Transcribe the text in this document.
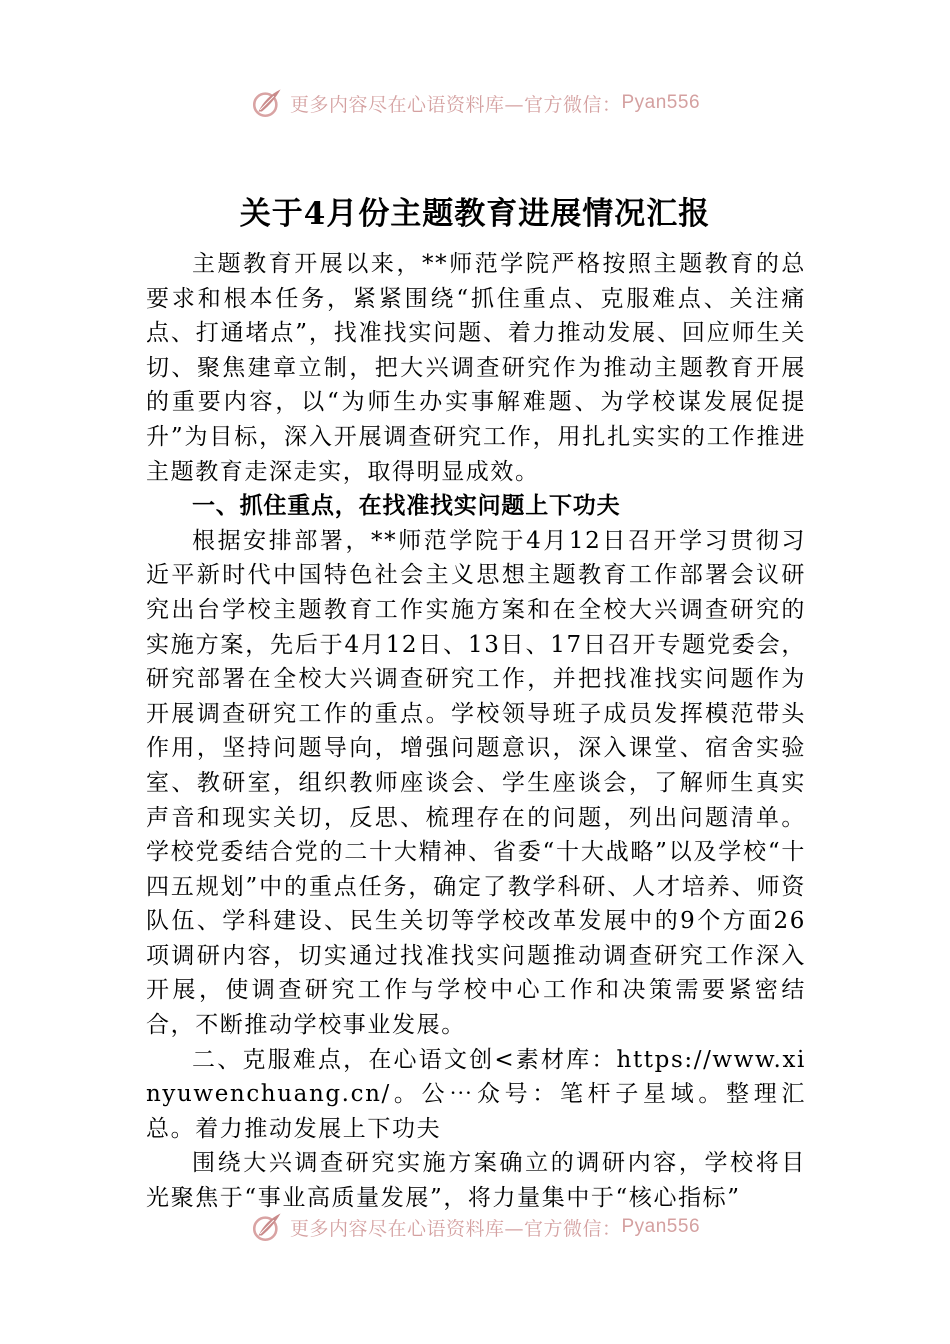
更多内容尽在心语资料库—官方微信： Pyan556
关于4月份主题教育进展情况汇报

主题教育开展以来，**师范学院严格按照主题教育的总要求和根本任务，紧紧围绕“抓住重点、克服难点、关注痛点、打通堵点”，找准找实问题、着力推动发展、回应师生关切、聚焦建章立制，把大兴调查研究作为推动主题教育开展的重要内容，以“为师生办实事解难题、为学校谋发展促提升”为目标，深入开展调查研究工作，用扎扎实实的工作推进主题教育走深走实，取得明显成效。

一、抓住重点，在找准找实问题上下功夫

根据安排部署，**师范学院于4月12日召开学习贯彻习近平新时代中国特色社会主义思想主题教育工作部署会议研究出台学校主题教育工作实施方案和在全校大兴调查研究的实施方案，先后于4月12日、13日、17日召开专题党委会，研究部署在全校大兴调查研究工作，并把找准找实问题作为开展调查研究工作的重点。学校领导班子成员发挥模范带头作用，坚持问题导向，增强问题意识，深入课堂、宿舍实验室、教研室，组织教师座谈会、学生座谈会，了解师生真实声音和现实关切，反思、梳理存在的问题，列出问题清单。学校党委结合党的二十大精神、省委“十大战略”以及学校“十四五规划”中的重点任务，确定了教学科研、人才培养、师资队伍、学科建设、民生关切等学校改革发展中的9个方面26项调研内容，切实通过找准找实问题推动调查研究工作深入开展，使调查研究工作与学校中心工作和决策需要紧密结合，不断推动学校事业发展。

二、克服难点，在心语文创<素材库：https://www.xinyuwenchuang.cn/。公⋯众号：笔杆子星域。整理汇总。着力推动发展上下功夫

围绕大兴调查研究实施方案确立的调研内容，学校将目光聚焦于“事业高质量发展”，将力量集中于“核心指标”

更多内容尽在心语资料库—官方微信： Pyan556
